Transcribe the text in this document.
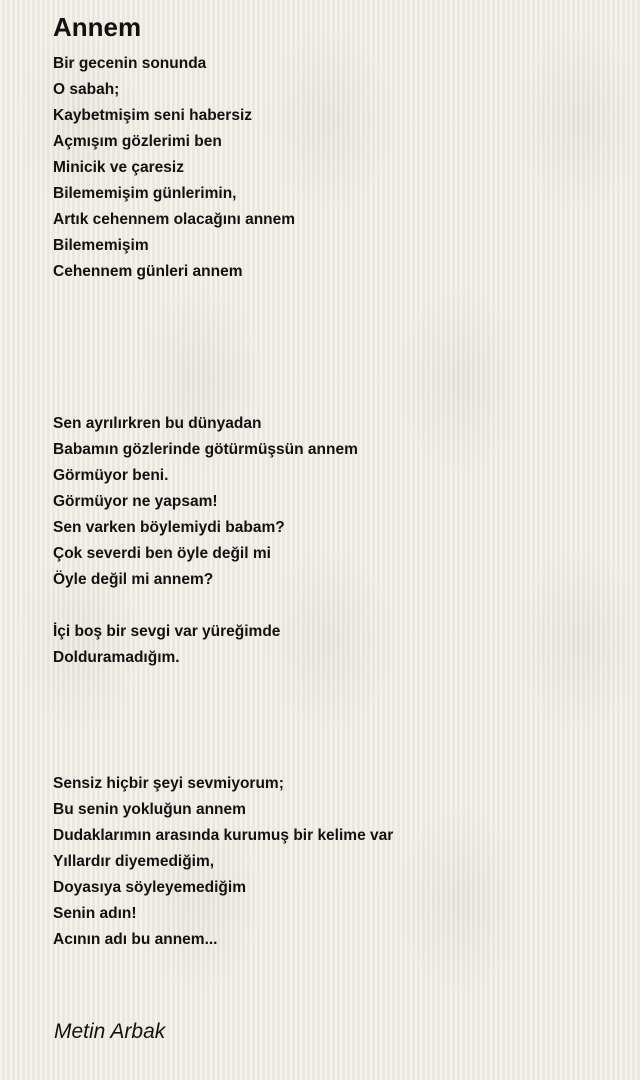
Annem
Bir gecenin sonunda
O sabah;
Kaybetmişim seni habersiz
Açmışım gözlerimi ben
Minicik ve çaresiz
Bilememişim günlerimin,
Artık cehennem olacağını annem
Bilememişim
Cehennem günleri annem
Sen ayrılırkren bu dünyadan
Babamın gözlerinde götürmüşsün annem
Görmüyor beni.
Görmüyor ne yapsam!
Sen varken böylemiydi babam?
Çok severdi ben öyle değil mi
Öyle değil mi annem?
İçi boş bir sevgi var yüreğimde
Dolduramadığım.
Sensiz hiçbir şeyi sevmiyorum;
Bu senin yokluğun annem
Dudaklarımın arasında kurumuş bir kelime var
Yıllardır diyemediğim,
Doyasıya söyleyemediğim
Senin adın!
Acının adı bu annem...
Metin Arbak
